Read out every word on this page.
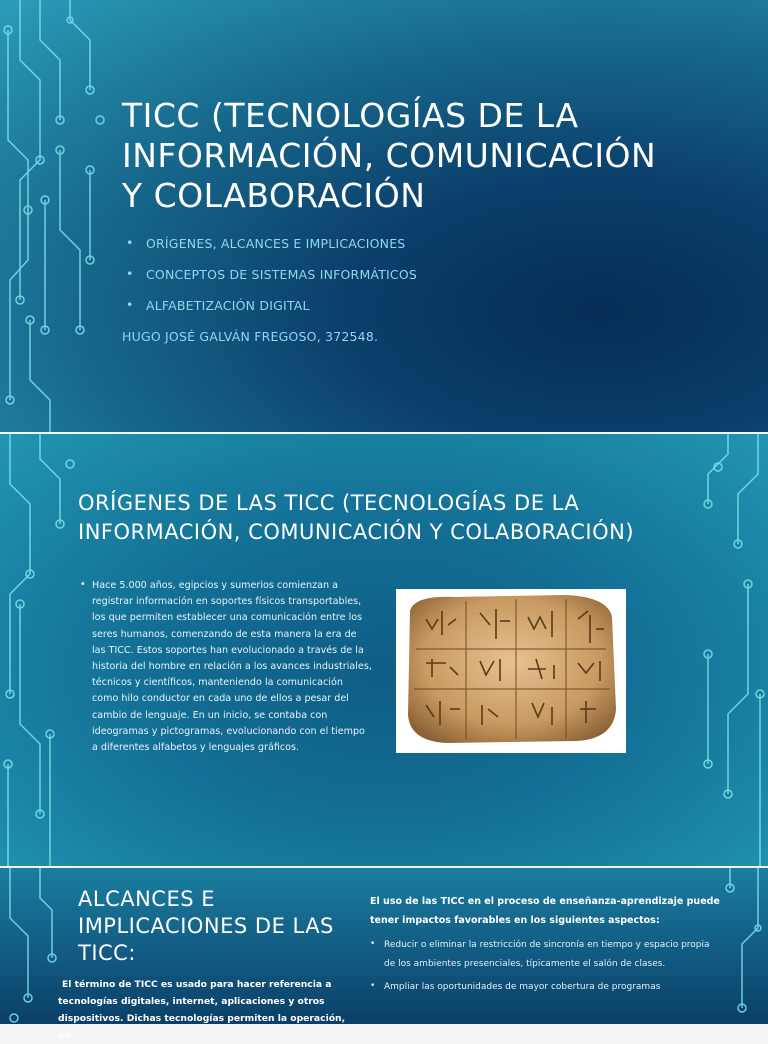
TICC (TECNOLOGÍAS DE LA INFORMACIÓN, COMUNICACIÓN Y COLABORACIÓN
• ORÍGENES, ALCANCES E IMPLICACIONES
• CONCEPTOS DE SISTEMAS INFORMÁTICOS
• ALFABETIZACIÓN DIGITAL
HUGO JOSÉ GALVÁN FREGOSO, 372548.
ORÍGENES DE LAS TICC (TECNOLOGÍAS DE LA INFORMACIÓN, COMUNICACIÓN Y COLABORACIÓN)
• Hace 5.000 años, egipcios y sumerios comienzan a registrar información en soportes físicos transportables, los que permiten establecer una comunicación entre los seres humanos, comenzando de esta manera la era de las TICC. Estos soportes han evolucionado a través de la historia del hombre en relación a los avances industriales, técnicos y científicos, manteniendo la comunicación como hilo conductor en cada uno de ellos a pesar del cambio de lenguaje. En un inicio, se contaba con ideogramas y pictogramas, evolucionando con el tiempo a diferentes alfabetos y lenguajes gráficos.
ALCANCES E IMPLICACIONES DE LAS TICC:
El término de TICC es usado para hacer referencia a tecnologías digitales, internet, aplicaciones y otros dispositivos. Dichas tecnologías permiten la operación, en
El uso de las TICC en el proceso de enseñanza-aprendizaje puede tener impactos favorables en los siguientes aspectos:
• Reducir o eliminar la restricción de sincronía en tiempo y espacio propia de los ambientes presenciales, típicamente el salón de clases.
• Ampliar las oportunidades de mayor cobertura de programas
